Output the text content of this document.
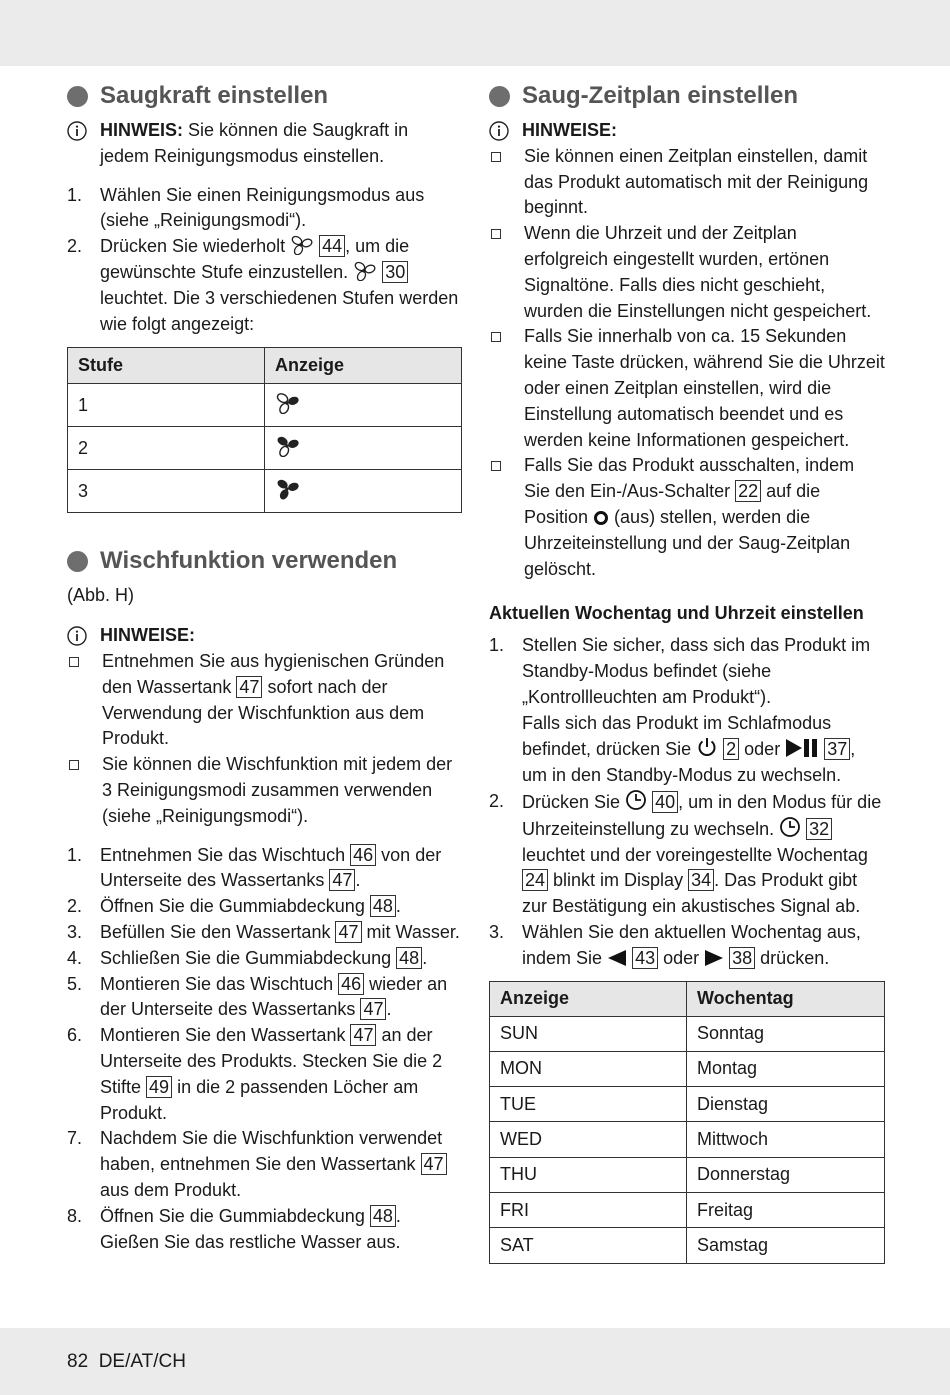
Saugkraft einstellen
HINWEIS: Sie können die Saugkraft in jedem Reinigungsmodus einstellen.
1. Wählen Sie einen Reinigungsmodus aus (siehe „Reinigungsmodi“).
2. Drücken Sie wiederholt  44 , um die gewünschte Stufe einzustellen.  30 leuchtet. Die 3 verschiedenen Stufen werden wie folgt angezeigt:
Stufe	Anzeige
1	
2	
3	
Wischfunktion verwenden
(Abb. H)
HINWEISE:
Entnehmen Sie aus hygienischen Gründen den Wassertank 47 sofort nach der Verwendung der Wischfunktion aus dem Produkt.
Sie können die Wischfunktion mit jedem der 3 Reinigungsmodi zusammen verwenden (siehe „Reinigungsmodi“).
1. Entnehmen Sie das Wischtuch 46 von der Unterseite des Wassertanks 47 .
2. Öffnen Sie die Gummiabdeckung 48 .
3. Befüllen Sie den Wassertank 47 mit Wasser.
4. Schließen Sie die Gummiabdeckung 48 .
5. Montieren Sie das Wischtuch 46 wieder an der Unterseite des Wassertanks 47 .
6. Montieren Sie den Wassertank 47 an der Unterseite des Produkts. Stecken Sie die 2 Stifte 49 in die 2 passenden Löcher am Produkt.
7. Nachdem Sie die Wischfunktion verwendet haben, entnehmen Sie den Wassertank 47 aus dem Produkt.
8. Öffnen Sie die Gummiabdeckung 48 . Gießen Sie das restliche Wasser aus.
Saug-Zeitplan einstellen
HINWEISE:
Sie können einen Zeitplan einstellen, damit das Produkt automatisch mit der Reinigung beginnt.
Wenn die Uhrzeit und der Zeitplan erfolgreich eingestellt wurden, ertönen Signaltöne. Falls dies nicht geschieht, wurden die Einstellungen nicht gespeichert.
Falls Sie innerhalb von ca. 15 Sekunden keine Taste drücken, während Sie die Uhrzeit oder einen Zeitplan einstellen, wird die Einstellung automatisch beendet und es werden keine Informationen gespeichert.
Falls Sie das Produkt ausschalten, indem Sie den Ein-/Aus-Schalter 22 auf die Position  (aus) stellen, werden die Uhrzeiteinstellung und der Saug-Zeitplan gelöscht.
Aktuellen Wochentag und Uhrzeit einstellen
1. Stellen Sie sicher, dass sich das Produkt im Standby-Modus befindet (siehe „Kontrollleuchten am Produkt“).
Falls sich das Produkt im Schlafmodus befindet, drücken Sie  2 oder  37 , um in den Standby-Modus zu wechseln.
2. Drücken Sie  40 , um in den Modus für die Uhrzeiteinstellung zu wechseln.  32 leuchtet und der voreingestellte Wochentag 24 blinkt im Display 34 . Das Produkt gibt zur Bestätigung ein akustisches Signal ab.
3. Wählen Sie den aktuellen Wochentag aus, indem Sie  43 oder  38 drücken.
Anzeige	Wochentag
SUN	Sonntag
MON	Montag
TUE	Dienstag
WED	Mittwoch
THU	Donnerstag
FRI	Freitag
SAT	Samstag
82 DE/AT/CH
